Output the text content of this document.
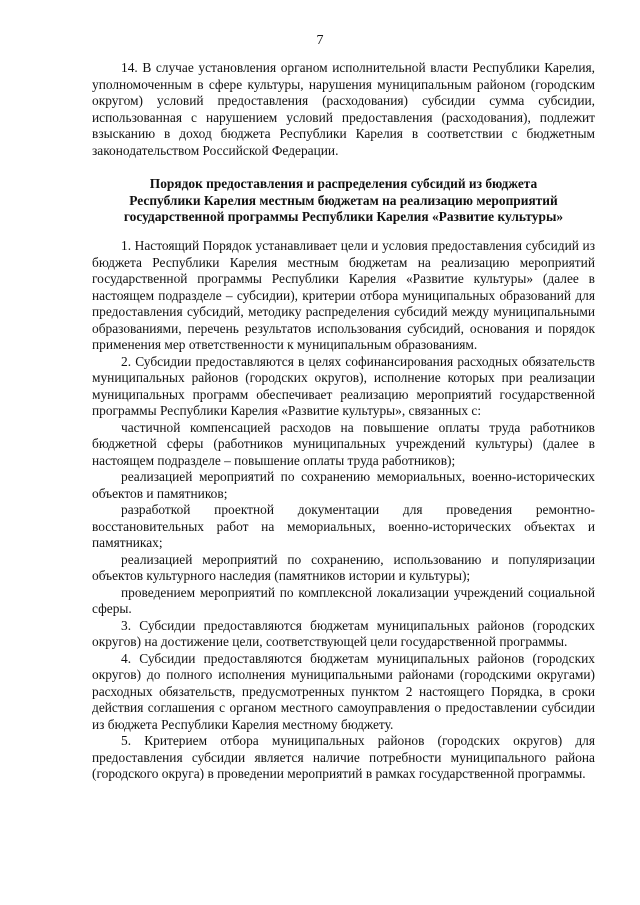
7

14. В случае установления органом исполнительной власти Республики Карелия, уполномоченным в сфере культуры, нарушения муниципальным районом (городским округом) условий предоставления (расходования) субсидии сумма субсидии, использованная с нарушением условий предоставления (расходования), подлежит взысканию в доход бюджета Республики Карелия в соответствии с бюджетным законодательством Российской Федерации.

Порядок предоставления и распределения субсидий из бюджета

Республики Карелия местным бюджетам на реализацию мероприятий

государственной программы Республики Карелия «Развитие культуры»

1. Настоящий Порядок устанавливает цели и условия предоставления субсидий из бюджета Республики Карелия местным бюджетам на реализацию мероприятий государственной программы Республики Карелия «Развитие культуры» (далее в настоящем подразделе – субсидии), критерии отбора муниципальных образований для предоставления субсидий, методику распределения субсидий между муниципальными образованиями, перечень результатов использования субсидий, основания и порядок применения мер ответственности к муниципальным образованиям.

2. Субсидии предоставляются в целях софинансирования расходных обязательств муниципальных районов (городских округов), исполнение которых при реализации муниципальных программ обеспечивает реализацию мероприятий государственной программы Республики Карелия «Развитие культуры», связанных с:

частичной компенсацией расходов на повышение оплаты труда работников бюджетной сферы (работников муниципальных учреждений культуры) (далее в настоящем подразделе – повышение оплаты труда работников);

реализацией мероприятий по сохранению мемориальных, военно-исторических объектов и памятников;

разработкой проектной документации для проведения ремонтно-восстановительных работ на мемориальных, военно-исторических объектах и памятниках;

реализацией мероприятий по сохранению, использованию и популяризации объектов культурного наследия (памятников истории и культуры);

проведением мероприятий по комплексной локализации учреждений социальной сферы.

3. Субсидии предоставляются бюджетам муниципальных районов (городских округов) на достижение цели, соответствующей цели государственной программы.

4. Субсидии предоставляются бюджетам муниципальных районов (городских округов) до полного исполнения муниципальными районами (городскими округами) расходных обязательств, предусмотренных пунктом 2 настоящего Порядка, в сроки действия соглашения с органом местного самоуправления о предоставлении субсидии из бюджета Республики Карелия местному бюджету.

5. Критерием отбора муниципальных районов (городских округов) для предоставления субсидии является наличие потребности муниципального района (городского округа) в проведении мероприятий в рамках государственной программы.
